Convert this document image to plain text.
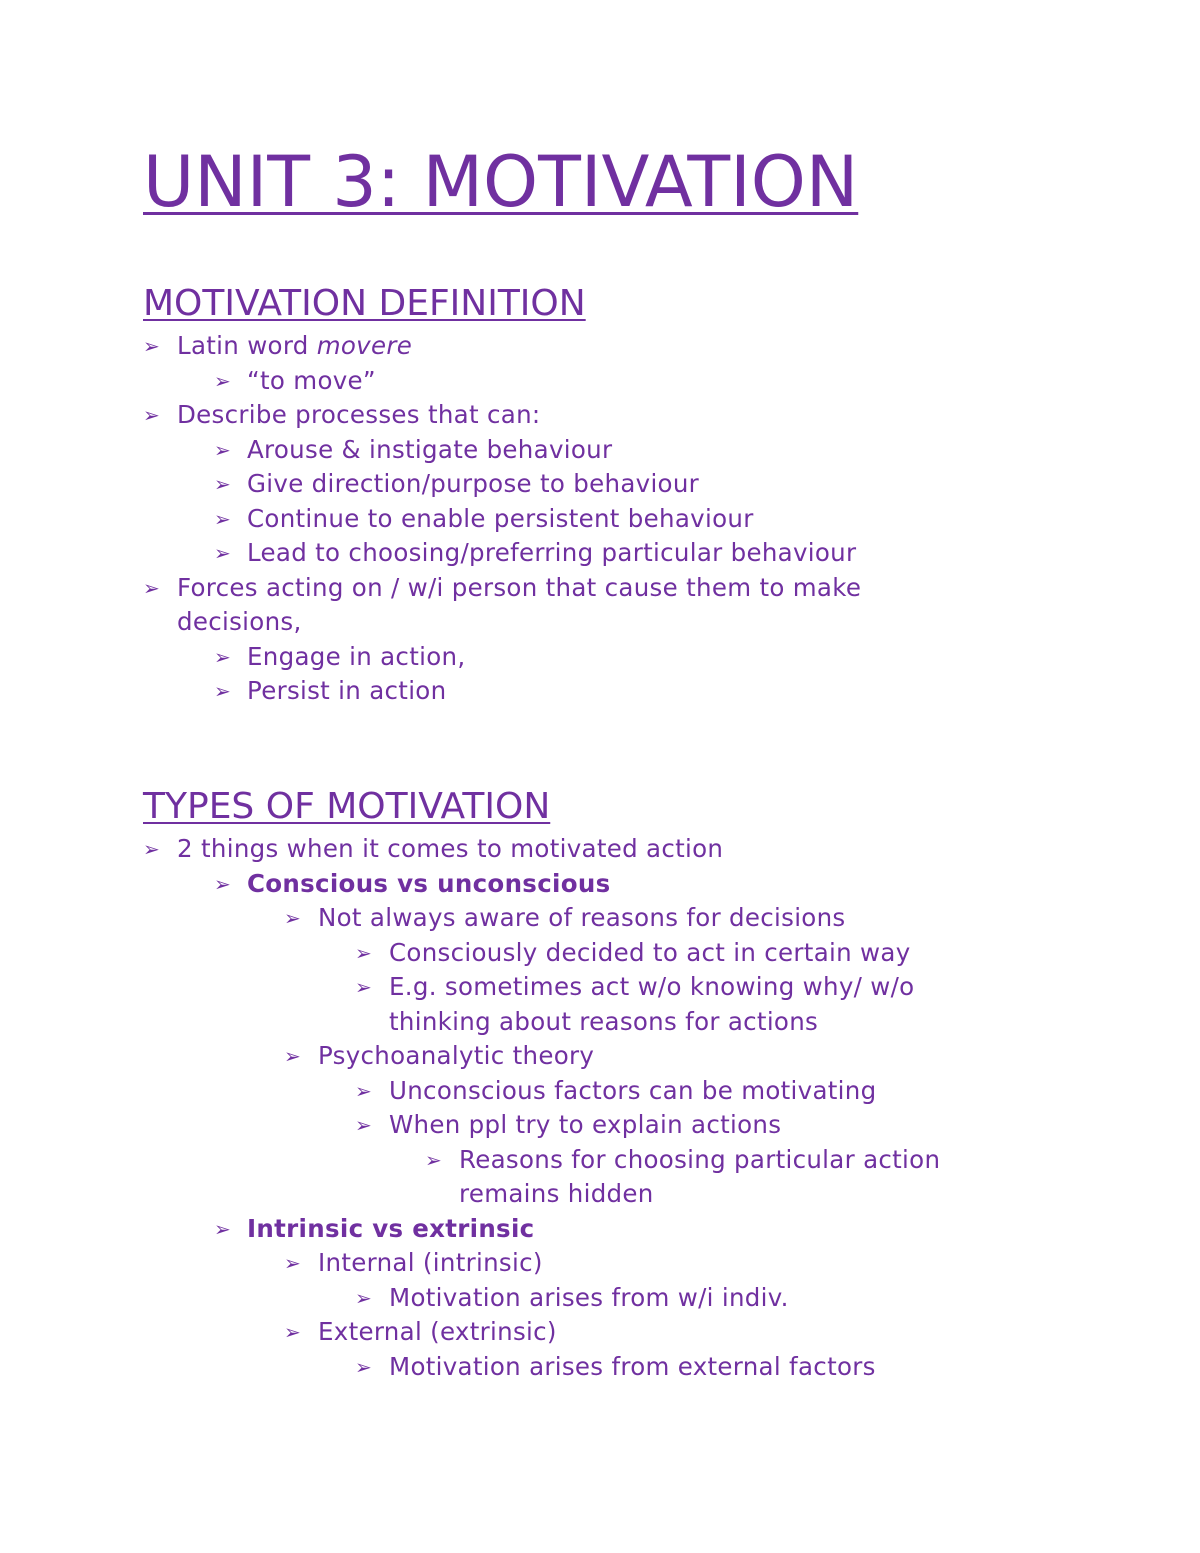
UNIT 3: MOTIVATION
MOTIVATION DEFINITION
➢ Latin word movere
➢ “to move”
➢ Describe processes that can:
➢ Arouse & instigate behaviour
➢ Give direction/purpose to behaviour
➢ Continue to enable persistent behaviour
➢ Lead to choosing/preferring particular behaviour
➢ Forces acting on / w/i person that cause them to make decisions,
➢ Engage in action,
➢ Persist in action
TYPES OF MOTIVATION
➢ 2 things when it comes to motivated action
➢ Conscious vs unconscious
➢ Not always aware of reasons for decisions
➢ Consciously decided to act in certain way
➢ E.g. sometimes act w/o knowing why/ w/o thinking about reasons for actions
➢ Psychoanalytic theory
➢ Unconscious factors can be motivating
➢ When ppl try to explain actions
➢ Reasons for choosing particular action remains hidden
➢ Intrinsic vs extrinsic
➢ Internal (intrinsic)
➢ Motivation arises from w/i indiv.
➢ External (extrinsic)
➢ Motivation arises from external factors
